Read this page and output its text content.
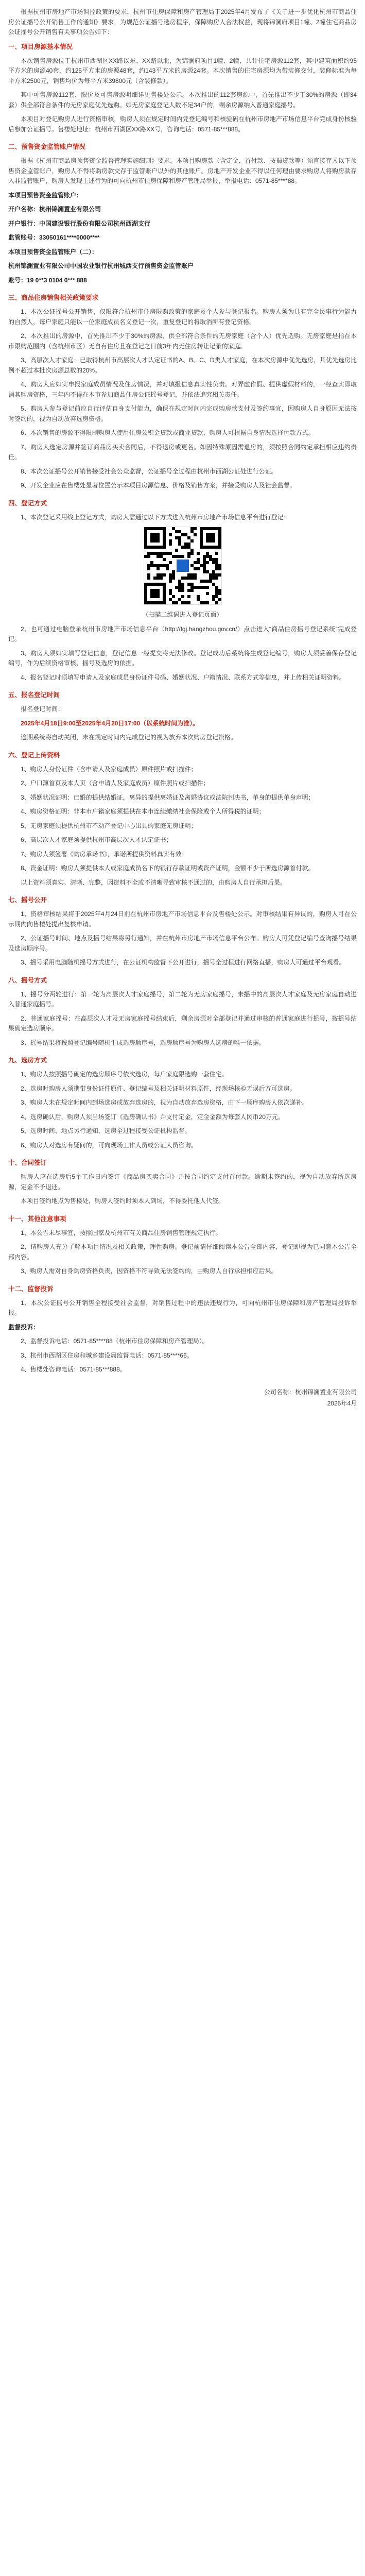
根据杭州市房地产市场调控政策的要求，杭州市住房保障和房产管理局于2025年4月发布了《关于进一步优化杭州市商品住房公证摇号公开销售工作的通知》要求，为规范公证摇号选房程序，保障购房人合法权益，现将锦澜府项目1幢、2幢住宅商品房公证摇号公开销售有关事项公告如下：

一、项目房源基本情况

本次销售房源位于杭州市西湖区XX路以东、XX路以北，为锦澜府项目1幢、2幢，共计住宅房源112套，其中建筑面积约95平方米的房源40套，约125平方米的房源48套，约143平方米的房源24套。本次销售的住宅房源均为带装修交付，装修标准为每平方米2500元，销售均价为每平方米39800元（含装修款）。

其中可售房源112套，限价及可售房源明细详见售楼处公示。本次推出的112套房源中，首先推出不少于30%的房源（即34套）供全部符合条件的无房家庭优先选购。如无房家庭登记人数不足34户的，剩余房源纳入普通家庭摇号。

本项目对登记购房人进行资格审核，购房人须在规定时间内凭登记编号和核验码在杭州市房地产市场信息平台完成身份核验后参加公证摇号。售楼处地址：杭州市西湖区XX路XX号，咨询电话：0571-85***888。

二、预售资金监管账户情况

根据《杭州市商品房预售资金监督管理实施细则》要求，本项目购房款（含定金、首付款、按揭贷款等）须直接存入以下预售资金监管账户，购房人不得将购房款交存于监管账户以外的其他账户。房地产开发企业不得以任何理由要求购房人将购房款存入非监管账户，购房人发现上述行为的可向杭州市住房保障和房产管理局举报，举报电话：0571-85****88。

本项目预售资金监管账户：

开户名称：杭州锦澜置业有限公司

开户银行：中国建设银行股份有限公司杭州西湖支行

监管账号：33050161****0000****

本项目预售资金监管账户（二）：

杭州锦澜置业有限公司中国农业银行杭州城西支行预售资金监管账户

账号：19 0**3 0104 0*** 888

三、商品住房销售相关政策要求

1、本次公证摇号公开销售，仅限符合杭州市住房限购政策的家庭及个人参与登记报名。购房人须为具有完全民事行为能力的自然人，每户家庭只能以一位家庭成员名义登记一次，重复登记的将取消所有登记资格。

2、本次推出的房源中，首先推出不少于30%的房源，供全部符合条件的无房家庭（含个人）优先选购。无房家庭是指在本市限购范围内（含杭州市区）无自有住房且在登记之日前3年内无住房转让记录的家庭。

3、高层次人才家庭：已取得杭州市高层次人才认定证书的A、B、C、D类人才家庭，在本次房源中优先选房，其优先选房比例不超过本批次房源总数的20%。

4、购房人应如实申报家庭成员情况及住房情况，并对填报信息真实性负责。对弄虚作假、提供虚假材料的，一经查实即取消其购房资格，三年内不得在本市参加商品住房公证摇号登记，并依法追究相关责任。

5、购房人参与登记前应自行评估自身支付能力，确保在规定时间内完成购房款支付及签约事宜，因购房人自身原因无法按时签约的，视为自动放弃选房资格。

6、本次销售的房源不得限制购房人使用住房公积金贷款或商业贷款，购房人可根据自身情况选择付款方式。

7、购房人选定房源并签订商品房买卖合同后，不得退房或更名。如因特殊原因需退房的，须按照合同约定承担相应违约责任。

8、本次公证摇号公开销售接受社会公众监督，公证摇号全过程由杭州市西湖公证处进行公证。

9、开发企业应在售楼处显著位置公示本项目房源信息、价格及销售方案，并接受购房人及社会监督。

四、登记方式

1、本次登记采用线上登记方式，购房人需通过以下方式进入杭州市房地产市场信息平台进行登记：

（扫描二维码进入登记页面）

2、也可通过电脑登录杭州市房地产市场信息平台（http://fgj.hangzhou.gov.cn/）点击进入“商品住房摇号登记系统”完成登记。

3、购房人须如实填写登记信息，登记信息一经提交将无法修改。登记成功后系统将生成登记编号，购房人须妥善保存登记编号，作为后续资格审核、摇号及选房的依据。

4、报名登记时须填写申请人及家庭成员身份证件号码、婚姻状况、户籍情况、联系方式等信息，并上传相关证明资料。

五、报名登记时间

报名登记时间：

2025年4月18日9:00至2025年4月20日17:00（以系统时间为准）。

逾期系统将自动关闭，未在规定时间内完成登记的视为放弃本次购房登记资格。

六、登记上传资料

1、购房人身份证件（含申请人及家庭成员）原件照片或扫描件；

2、户口簿首页及本人页（含申请人及家庭成员）原件照片或扫描件；

3、婚姻状况证明：已婚的提供结婚证，离异的提供离婚证及离婚协议或法院判决书，单身的提供单身声明；

4、购房资格证明：非本市户籍家庭须提供在本市连续缴纳社会保险或个人所得税的证明；

5、无房家庭须提供杭州市不动产登记中心出具的家庭无房证明；

6、高层次人才家庭须提供杭州市高层次人才认定证书；

7、购房人须签署《购房承诺书》，承诺所提供资料真实有效；

8、资金证明：购房人须提供本人或家庭成员名下的银行存款证明或资产证明，金额不少于所选房源首付款。

以上资料须真实、清晰、完整，因资料不全或不清晰导致审核不通过的，由购房人自行承担后果。

七、摇号公开

1、资格审核结果将于2025年4月24日前在杭州市房地产市场信息平台及售楼处公示。对审核结果有异议的，购房人可在公示期内向售楼处提出复核申请。

2、公证摇号时间、地点及摇号结果将另行通知，并在杭州市房地产市场信息平台公布。购房人可凭登记编号查询摇号结果及选房顺序号。

3、摇号采用电脑随机摇号方式进行，在公证机构监督下公开进行，摇号全过程进行网络直播，购房人可通过平台观看。

八、摇号方式

1、摇号分两轮进行：第一轮为高层次人才家庭摇号，第二轮为无房家庭摇号，未摇中的高层次人才家庭及无房家庭自动进入普通家庭摇号。

2、普通家庭摇号：在高层次人才及无房家庭摇号结束后，剩余房源对全部登记并通过审核的普通家庭进行摇号，按摇号结果确定选房顺序。

3、摇号结果将按照登记编号随机生成选房顺序号，选房顺序号为购房人选房的唯一依据。

九、选房方式

1、购房人按照摇号确定的选房顺序号依次选房，每户家庭限选购一套住宅。

2、选房时购房人须携带身份证件原件、登记编号及相关证明材料原件，经现场核验无误后方可选房。

3、购房人未在规定时间内到场选房或放弃选房的，视为自动放弃选房资格，由下一顺序购房人依次递补。

4、选房确认后，购房人须当场签订《选房确认书》并支付定金，定金金额为每套人民币20万元。

5、选房时间、地点另行通知，选房全过程接受公证机构监督。

6、购房人对选房有疑问的，可向现场工作人员或公证人员咨询。

十、合同签订

购房人应在选房后5个工作日内签订《商品房买卖合同》并按合同约定支付首付款。逾期未签约的，视为自动放弃所选房源，定金不予退还。

本项目签约地点为售楼处，购房人签约时须本人到场，不得委托他人代签。

十一、其他注意事项

1、本公告未尽事宜，按照国家及杭州市有关商品住房销售管理规定执行。

2、请购房人充分了解本项目情况及相关政策，理性购房。登记前请仔细阅读本公告全部内容，登记即视为已同意本公告全部内容。

3、购房人需对自身购房资格负责，因资格不符导致无法签约的，由购房人自行承担相应后果。

十二、监督投诉

1、本次公证摇号公开销售全程接受社会监督，对销售过程中的违法违规行为，可向杭州市住房保障和房产管理局投诉举报。

监督投诉：

2、监督投诉电话：0571-85****88（杭州市住房保障和房产管理局）。

3、杭州市西湖区住房和城乡建设局监督电话：0571-85****66。

4、售楼处咨询电话：0571-85***888。

公司名称：杭州锦澜置业有限公司
2025年4月
